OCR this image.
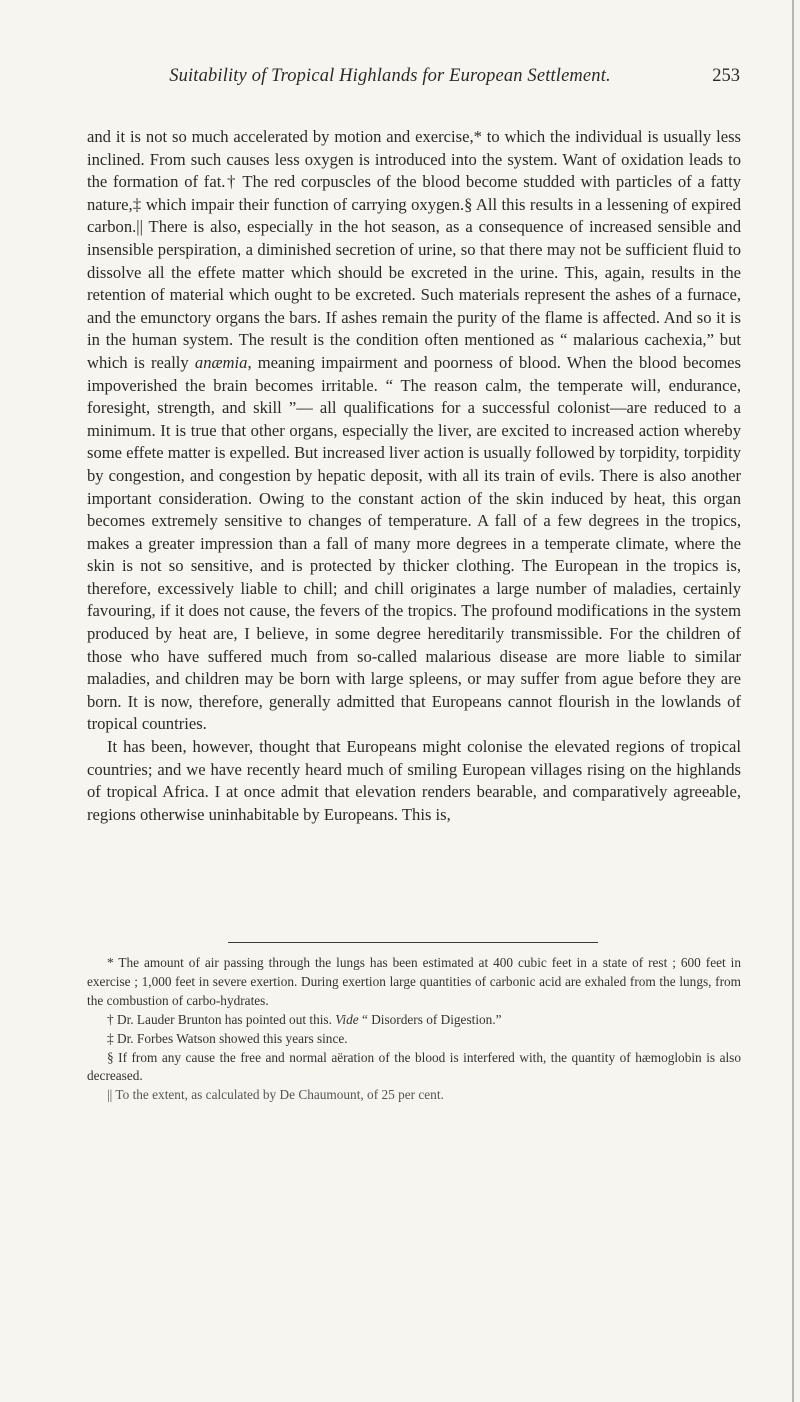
Suitability of Tropical Highlands for European Settlement.	253

and it is not so much accelerated by motion and exercise,* to which the individual is usually less inclined. From such causes less oxygen is introduced into the system. Want of oxidation leads to the formation of fat.† The red corpuscles of the blood become studded with particles of a fatty nature,‡ which impair their function of carrying oxygen.§ All this results in a lessening of expired carbon.|| There is also, especially in the hot season, as a consequence of increased sensible and insensible perspiration, a diminished secretion of urine, so that there may not be sufficient fluid to dissolve all the effete matter which should be excreted in the urine. This, again, results in the retention of material which ought to be excreted. Such materials represent the ashes of a furnace, and the emunctory organs the bars. If ashes remain the purity of the flame is affected. And so it is in the human system. The result is the condition often mentioned as “ malarious cachexia,” but which is really anæmia, meaning impairment and poorness of blood. When the blood becomes impoverished the brain becomes irritable. “ The reason calm, the temperate will, endurance, foresight, strength, and skill ”— all qualifications for a successful colonist—are reduced to a minimum. It is true that other organs, especially the liver, are excited to increased action whereby some effete matter is expelled. But increased liver action is usually followed by torpidity, torpidity by congestion, and congestion by hepatic deposit, with all its train of evils. There is also another important consideration. Owing to the constant action of the skin induced by heat, this organ becomes extremely sensitive to changes of temperature. A fall of a few degrees in the tropics, makes a greater impression than a fall of many more degrees in a temperate climate, where the skin is not so sensitive, and is protected by thicker clothing. The European in the tropics is, therefore, excessively liable to chill; and chill originates a large number of maladies, certainly favouring, if it does not cause, the fevers of the tropics. The profound modifications in the system produced by heat are, I believe, in some degree hereditarily transmissible. For the children of those who have suffered much from so-called malarious disease are more liable to similar maladies, and children may be born with large spleens, or may suffer from ague before they are born. It is now, therefore, generally admitted that Europeans cannot flourish in the lowlands of tropical countries.

It has been, however, thought that Europeans might colonise the elevated regions of tropical countries; and we have recently heard much of smiling European villages rising on the highlands of tropical Africa. I at once admit that elevation renders bearable, and comparatively agreeable, regions otherwise uninhabitable by Europeans. This is,

* The amount of air passing through the lungs has been estimated at 400 cubic feet in a state of rest ; 600 feet in exercise ; 1,000 feet in severe exertion. During exertion large quantities of carbonic acid are exhaled from the lungs, from the combustion of carbo-hydrates.

† Dr. Lauder Brunton has pointed out this. Vide “ Disorders of Digestion.”

‡ Dr. Forbes Watson showed this years since.

§ If from any cause the free and normal aëration of the blood is interfered with, the quantity of hæmoglobin is also decreased.

|| To the extent, as calculated by De Chaumount, of 25 per cent.
